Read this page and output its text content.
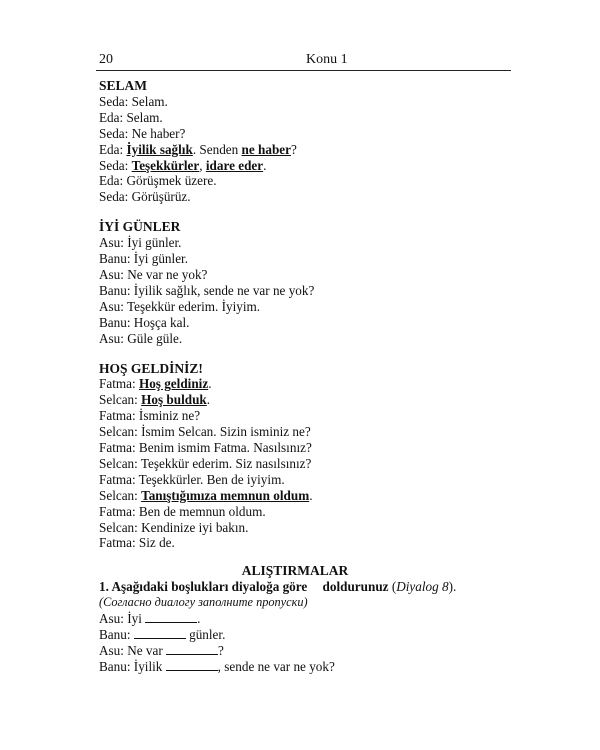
20	Konu 1
SELAM
Seda: Selam.
Eda: Selam.
Seda: Ne haber?
Eda: İyilik sağlık. Senden ne haber?
Seda: Teşekkürler, idare eder.
Eda: Görüşmek üzere.
Seda: Görüşürüz.
İYİ GÜNLER
Asu: İyi günler.
Banu: İyi günler.
Asu: Ne var ne yok?
Banu: İyilik sağlık, sende ne var ne yok?
Asu: Teşekkür ederim. İyiyim.
Banu: Hoşça kal.
Asu: Güle güle.
HOŞ GELDİNİZ!
Fatma: Hoş geldiniz.
Selcan: Hoş bulduk.
Fatma: İsminiz ne?
Selcan: İsmim Selcan. Sizin isminiz ne?
Fatma: Benim ismim Fatma. Nasılsınız?
Selcan: Teşekkür ederim. Siz nasılsınız?
Fatma: Teşekkürler. Ben de iyiyim.
Selcan: Tanıştığımıza memnun oldum.
Fatma: Ben de memnun oldum.
Selcan: Kendinize iyi bakın.
Fatma: Siz de.
ALIŞTIRMALAR
1. Aşağıdaki boşlukları diyaloğa göre doldurunuz (Diyalog 8).
(Согласно диалогу заполните пропуски)
Asu: İyi	.
Banu:	günler.
Asu: Ne var	?
Banu: İyilik	, sende ne var ne yok?
